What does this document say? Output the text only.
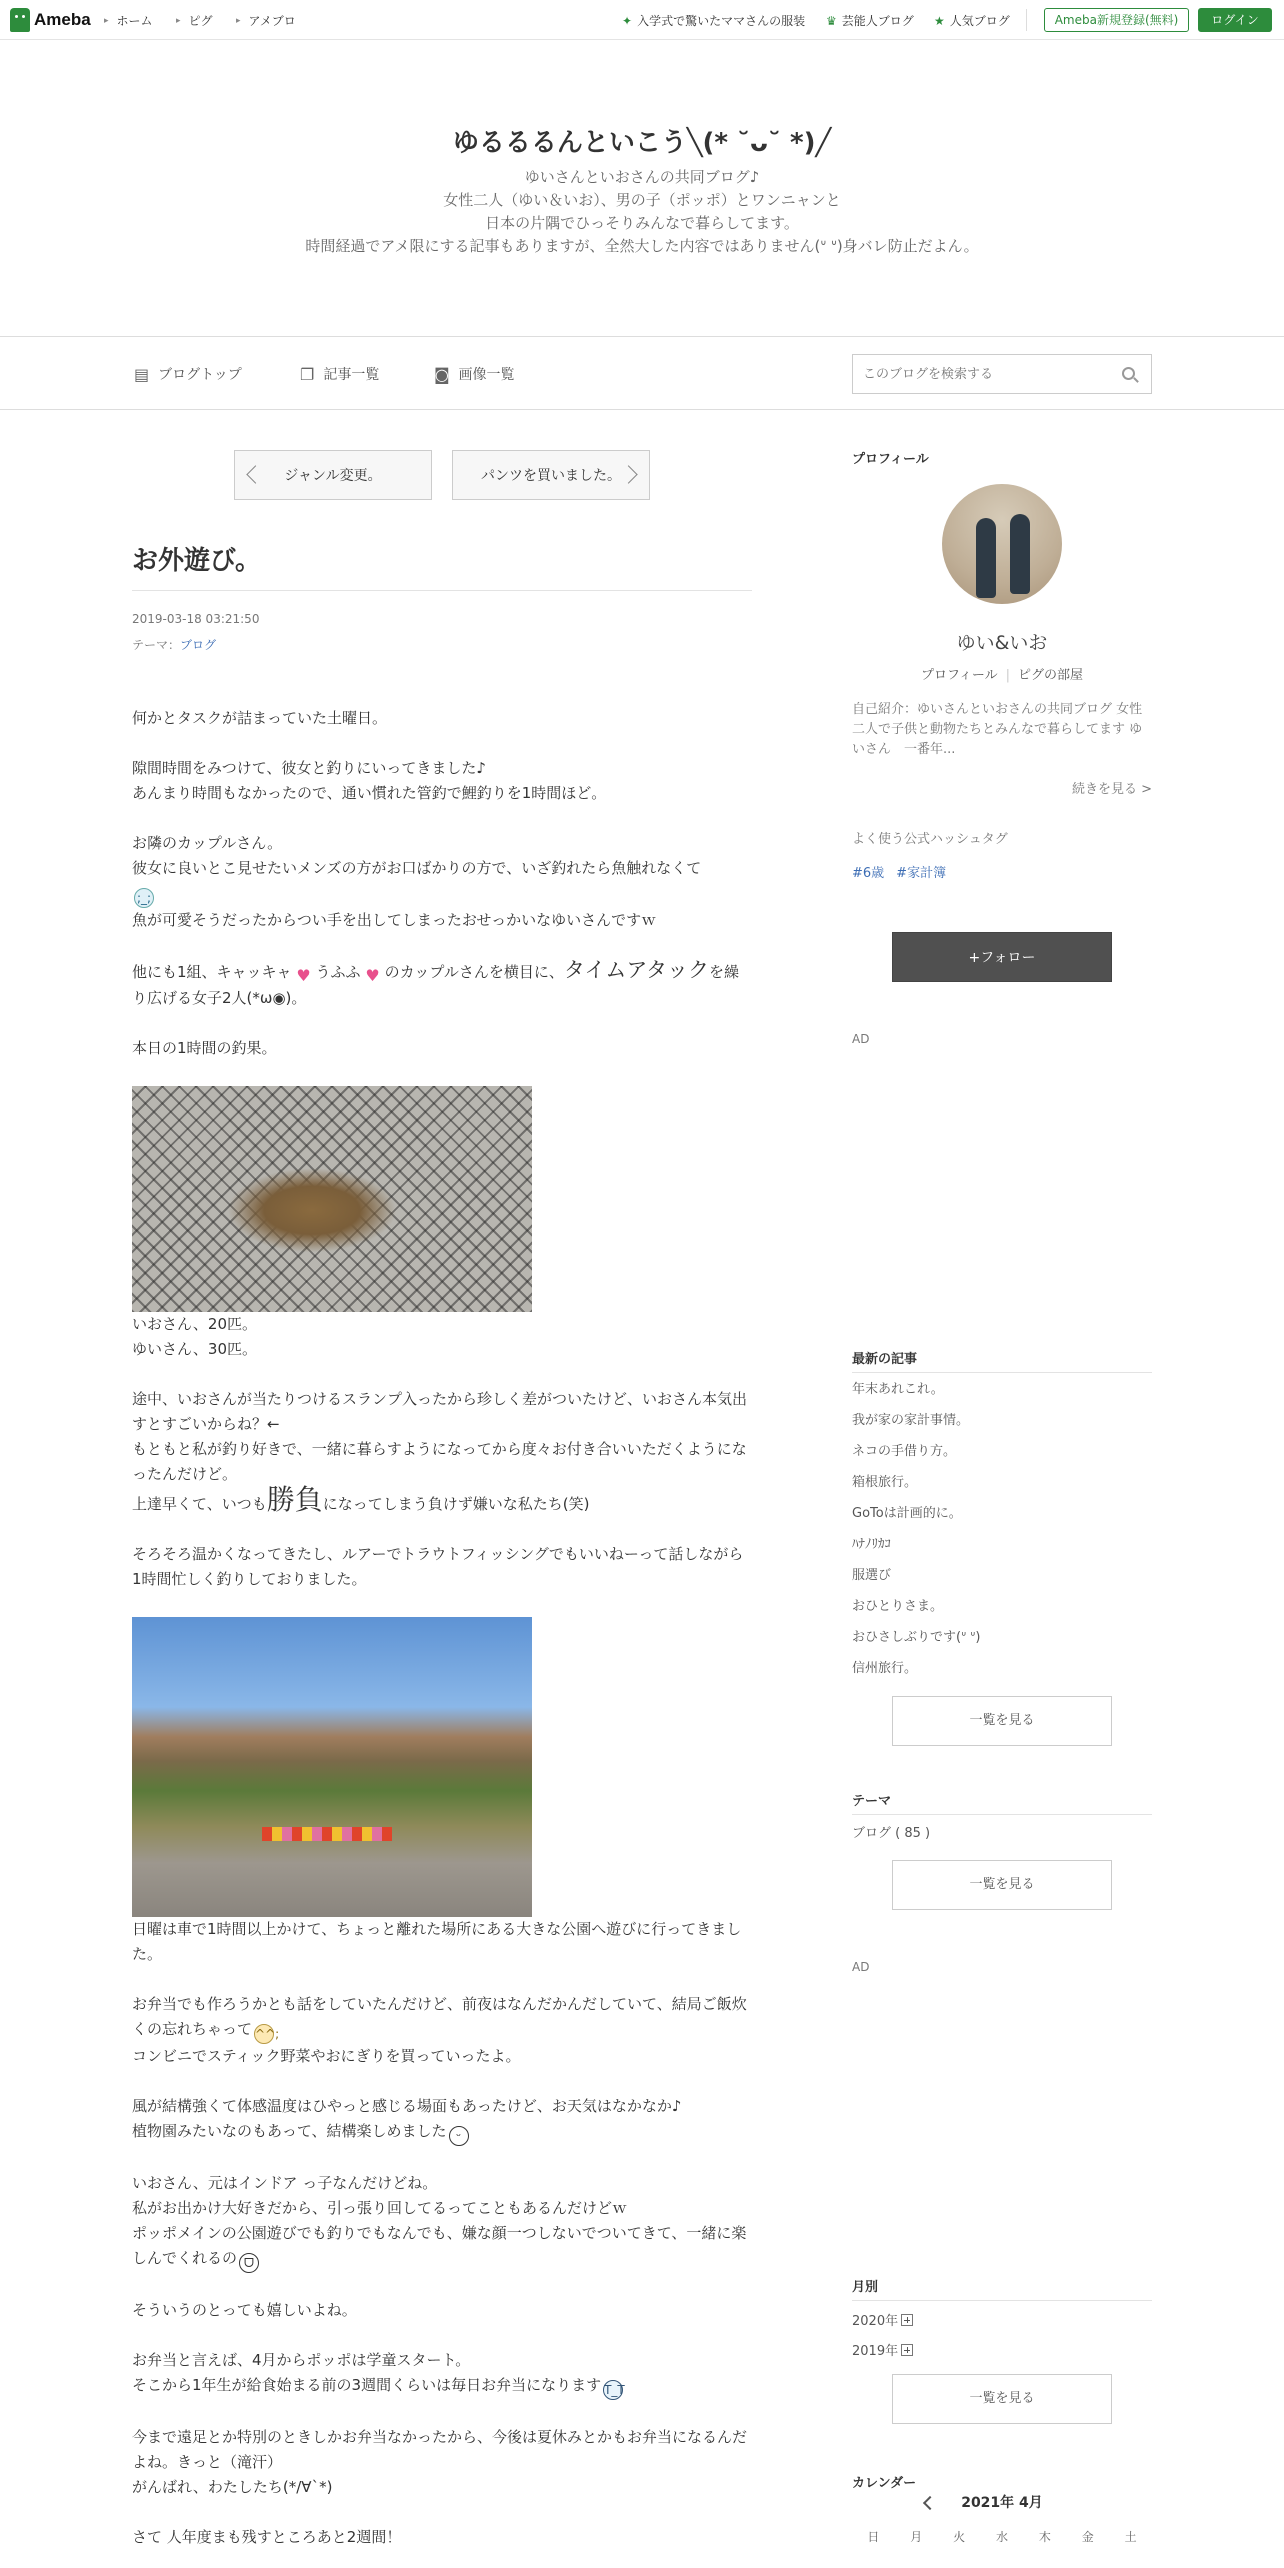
Ameba ▸ ホーム	▸ ピグ	▸ アメブロ	✦ 入学式で驚いたママさんの服装 ♛ 芸能人ブログ ★ 人気ブログ	Ameba新規登録(無料)	ログイン
ゆるるるんといこう╲(* ˘ᴗ˘ *)╱
ゆいさんといおさんの共同ブログ♪
女性二人（ゆい＆いお）、男の子（ポッポ）とワンニャンと
日本の片隅でひっそりみんなで暮らしてます。
時間経過でアメ限にする記事もありますが、全然大した内容ではありません(ᐡ ᐡ)身バレ防止だよん。
▤ ブログトップ	❐ 記事一覧	◙ 画像一覧
このブログを検索する
ジャンル変更。	パンツを買いました。
お外遊び。
2019-03-18 03:21:50
テーマ：ブログ

何かとタスクが詰まっていた土曜日。

隙間時間をみつけて、彼女と釣りにいってきました♪
あんまり時間もなかったので、通い慣れた管釣で鯉釣りを1時間ほど。

お隣のカップルさん。
彼女に良いとこ見せたいメンズの方がお口ばかりの方で、いざ釣れたら魚触れなくて
;_;
魚が可愛そうだったからつい手を出してしまったおせっかいなゆいさんですｗ

他にも1組、キャッキャ ♥ うふふ ♥ のカップルさんを横目に、タイムアタックを繰り広げる女子2人(*ω◉)。

本日の1時間の釣果。

いおさん、20匹。
ゆいさん、30匹。

途中、いおさんが当たりつけるスランプ入ったから珍しく差がついたけど、いおさん本気出すとすごいからね？←
もともと私が釣り好きで、一緒に暮らすようになってから度々お付き合いいただくようになったんだけど。

上達早くて、いつも勝負になってしまう負けず嫌いな私たち(笑)

そろそろ温かくなってきたし、ルアーでトラウトフィッシングでもいいねーって話しながら1時間忙しく釣りしておりました。

日曜は車で1時間以上かけて、ちょっと離れた場所にある大きな公園へ遊びに行ってきました。

お弁当でも作ろうかとも話をしていたんだけど、前夜はなんだかんだしていて、結局ご飯炊くの忘れちゃって ^^;
コンビニでスティック野菜やおにぎりを買っていったよ。

風が結構強くて体感温度はひやっと感じる場面もあったけど、お天気はなかなか♪
植物園みたいなのもあって、結構楽しめました ᵕ

いおさん、元はインドア っ子なんだけどね。
私がお出かけ大好きだから、引っ張り回してるってこともあるんだけどｗ
ポッポメインの公園遊びでも釣りでもなんでも、嫌な顔一つしないでついてきて、一緒に楽しんでくれるの ᗜ

そういうのとっても嬉しいよね。

お弁当と言えば、4月からポッポは学童スタート。
そこから1年生が給食始まる前の3週間くらいは毎日お弁当になります T_T

今まで遠足とか特別のときしかお弁当なかったから、今後は夏休みとかもお弁当になるんだよね。きっと（滝汗）
がんばれ、わたしたち(*/∀ˋ*)

さて 人年度まも残すところあと2週間！

プロフィール
ゆい&いお
プロフィール | ピグの部屋
自己紹介：ゆいさんといおさんの共同ブログ 女性二人で子供と動物たちとみんなで暮らしてます ゆいさん　一番年...
続きを見る >
よく使う公式ハッシュタグ
#6歳 #家計簿
+フォロー
AD
最新の記事
年末あれこれ。
我が家の家計事情。
ネコの手借り方。
箱根旅行。
GoToは計画的に。
ﾊﾅﾉﾘｶｺ
服選び
おひとりさま。
おひさしぶりです(ᐡ ᐡ)
信州旅行。
一覧を見る
テーマ
ブログ ( 85 )
一覧を見る
AD
月別
2020年
2019年
一覧を見る
カレンダー
2021年 4月
日	月	火	水	木	金	土
